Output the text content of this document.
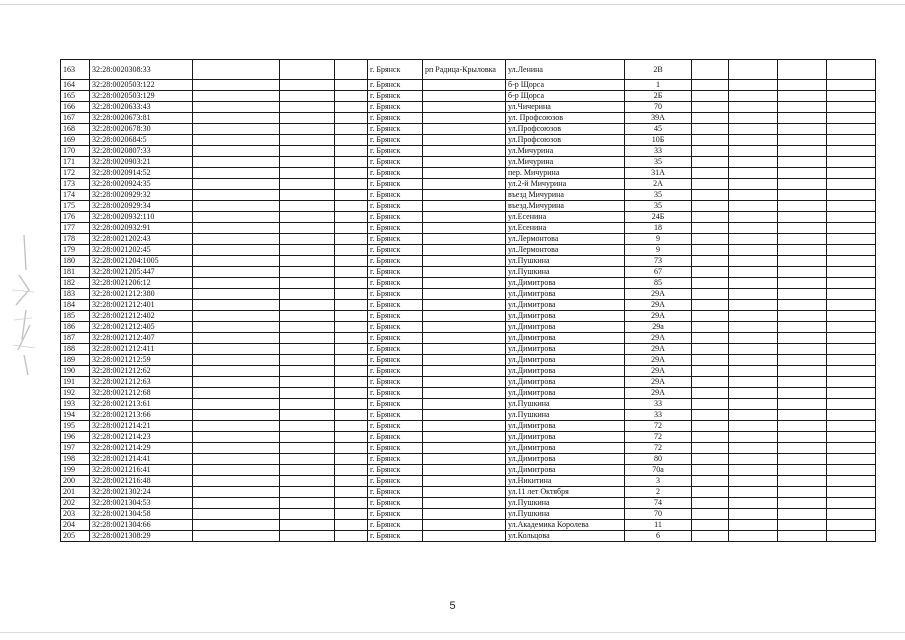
163	32:28:0020308:33				г. Брянск	рп Радица-Крыловка	ул.Ленина	2В				
164	32:28:0020503:122				г. Брянск		б-р Щорса	1				
165	32:28:0020503:129				г. Брянск		б-р Щорса	2Б				
166	32:28:0020633:43				г. Брянск		ул.Чичерина	70				
167	32:28:0020673:81				г. Брянск		ул. Профсоюзов	39А				
168	32:28:0020678:30				г. Брянск		ул.Профсоюзов	45				
169	32:28:0020684:5				г. Брянск		ул.Профсоюзов	10Б				
170	32:28:0020807:33				г. Брянск		ул.Мичурина	33				
171	32:28:0020903:21				г. Брянск		ул.Мичурина	35				
172	32:28:0020914:52				г. Брянск		пер. Мичурина	31А				
173	32:28:0020924:35				г. Брянск		ул.2-й Мичурина	2А				
174	32:28:0020929:32				г. Брянск		въезд Мичурина	35				
175	32:28:0020929:34				г. Брянск		въезд.Мичурина	35				
176	32:28:0020932:110				г. Брянск		ул.Есенина	24Б				
177	32:28:0020932:91				г. Брянск		ул.Есенина	18				
178	32:28:0021202:43				г. Брянск		ул.Лермонтова	9				
179	32:28:0021202:45				г. Брянск		ул.Лермонтова	9				
180	32:28:0021204:1005				г. Брянск		ул.Пушкина	73				
181	32:28:0021205:447				г. Брянск		ул.Пушкина	67				
182	32:28:0021206:12				г. Брянск		ул.Димитрова	85				
183	32:28:0021212:380				г. Брянск		ул.Димитрова	29А				
184	32:28:0021212:401				г. Брянск		ул.Димитрова	29А				
185	32:28:0021212:402				г. Брянск		ул.Димитрова	29А				
186	32:28:0021212:405				г. Брянск		ул.Димитрова	29а				
187	32:28:0021212:407				г. Брянск		ул.Димитрова	29А				
188	32:28:0021212:411				г. Брянск		ул.Димитрова	29А				
189	32:28:0021212:59				г. Брянск		ул.Димитрова	29А				
190	32:28:0021212:62				г. Брянск		ул.Димитрова	29А				
191	32:28:0021212:63				г. Брянск		ул.Димитрова	29А				
192	32:28:0021212:68				г. Брянск		ул.Димитрова	29А				
193	32:28:0021213:61				г. Брянск		ул.Пушкина	33				
194	32:28:0021213:66				г. Брянск		ул.Пушкина	33				
195	32:28:0021214:21				г. Брянск		ул.Димитрова	72				
196	32:28:0021214:23				г. Брянск		ул.Димитрова	72				
197	32:28:0021214:29				г. Брянск		ул.Димитрова	72				
198	32:28:0021214:41				г. Брянск		ул.Димитрова	80				
199	32:28:0021216:41				г. Брянск		ул.Димитрова	70а				
200	32:28:0021216:48				г. Брянск		ул.Никитина	3				
201	32:28:0021302:24				г. Брянск		ул.11 лет Октября	2				
202	32:28:0021304:53				г. Брянск		ул.Пушкина	74				
203	32:28:0021304:58				г. Брянск		ул.Пушкина	70				
204	32:28:0021304:66				г. Брянск		ул.Академика Королева	11				
205	32:28:0021308:29				г. Брянск		ул.Кольцова	6				
5
